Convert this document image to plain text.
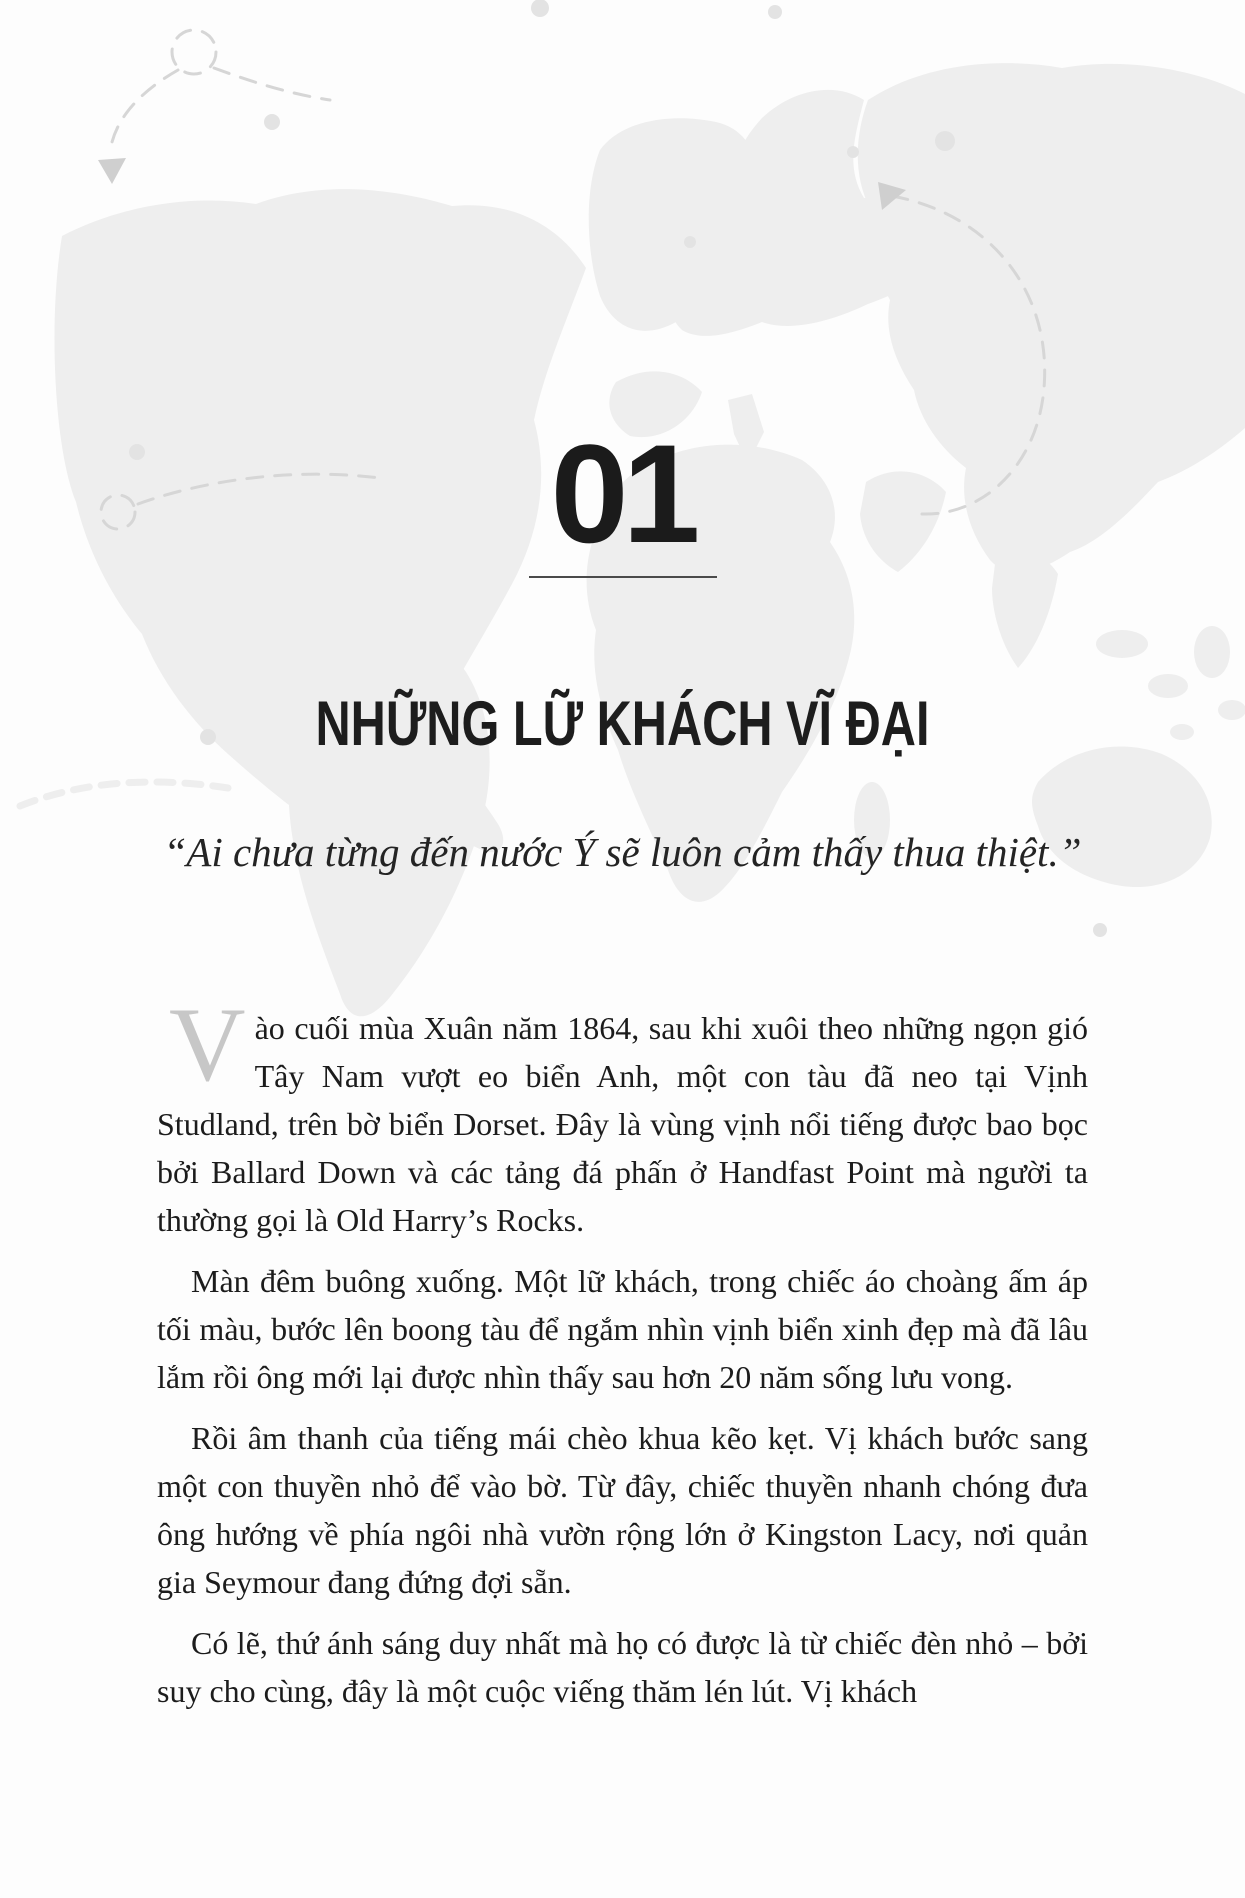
01
NHỮNG LỮ KHÁCH VĨ ĐẠI
“Ai chưa từng đến nước Ý sẽ luôn cảm thấy thua thiệt.”

Vào cuối mùa Xuân năm 1864, sau khi xuôi theo những ngọn gió Tây Nam vượt eo biển Anh, một con tàu đã neo tại Vịnh Studland, trên bờ biển Dorset. Đây là vùng vịnh nổi tiếng được bao bọc bởi Ballard Down và các tảng đá phấn ở Handfast Point mà người ta thường gọi là Old Harry’s Rocks.

Màn đêm buông xuống. Một lữ khách, trong chiếc áo choàng ấm áp tối màu, bước lên boong tàu để ngắm nhìn vịnh biển xinh đẹp mà đã lâu lắm rồi ông mới lại được nhìn thấy sau hơn 20 năm sống lưu vong.

Rồi âm thanh của tiếng mái chèo khua kẽo kẹt. Vị khách bước sang một con thuyền nhỏ để vào bờ. Từ đây, chiếc thuyền nhanh chóng đưa ông hướng về phía ngôi nhà vườn rộng lớn ở Kingston Lacy, nơi quản gia Seymour đang đứng đợi sẵn.

Có lẽ, thứ ánh sáng duy nhất mà họ có được là từ chiếc đèn nhỏ – bởi suy cho cùng, đây là một cuộc viếng thăm lén lút. Vị khách
